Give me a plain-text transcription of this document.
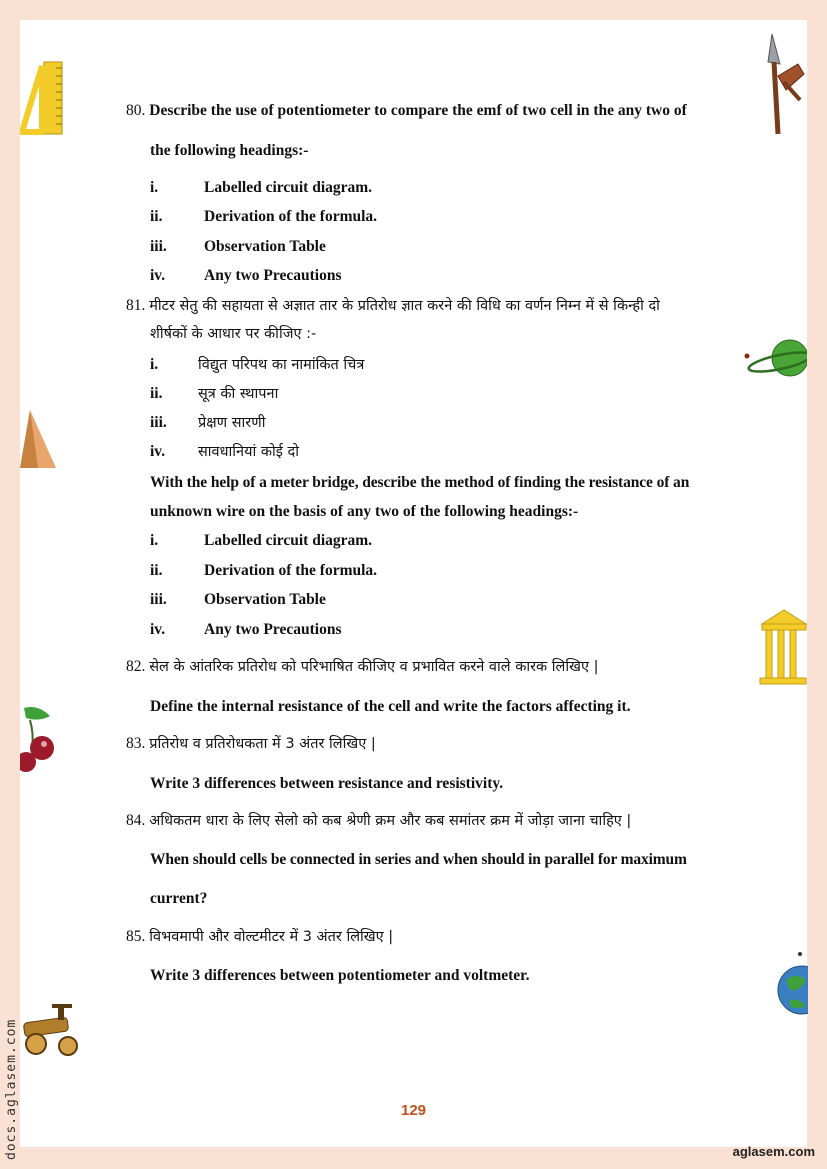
80. Describe the use of potentiometer to compare the emf of two cell in the any two of
the following headings:-
i.	Labelled circuit diagram.
ii.	Derivation of the formula.
iii. Observation Table
iv.	Any two Precautions
81. मीटर सेतु की सहायता से अज्ञात तार के प्रतिरोध ज्ञात करने की विधि का वर्णन निम्न में से किन्ही दो
शीर्षकों के आधार पर कीजिए :-
i.	विद्युत परिपथ का नामांकित चित्र
ii. सूत्र की स्थापना
iii. प्रेक्षण सारणी
iv. सावधानियां कोई दो
With the help of a meter bridge, describe the method of finding the resistance of an
unknown wire on the basis of any two of the following headings:-
i.	Labelled circuit diagram.
ii.	Derivation of the formula.
iii. Observation Table
iv.	Any two Precautions
82. सेल के आंतरिक प्रतिरोध को परिभाषित कीजिए व प्रभावित करने वाले कारक लिखिए |
Define the internal resistance of the cell and write the factors affecting it.
83. प्रतिरोध व प्रतिरोधकता में 3 अंतर लिखिए |
Write 3 differences between resistance and resistivity.
84. अधिकतम धारा के लिए सेलो को कब श्रेणी क्रम और कब समांतर क्रम में जोड़ा जाना चाहिए |
When should cells be connected in series and when should in parallel for maximum
current?
85. विभवमापी और वोल्टमीटर में 3 अंतर लिखिए |
Write 3 differences between potentiometer and voltmeter.
129
aglasem.com
docs.aglasem.com
